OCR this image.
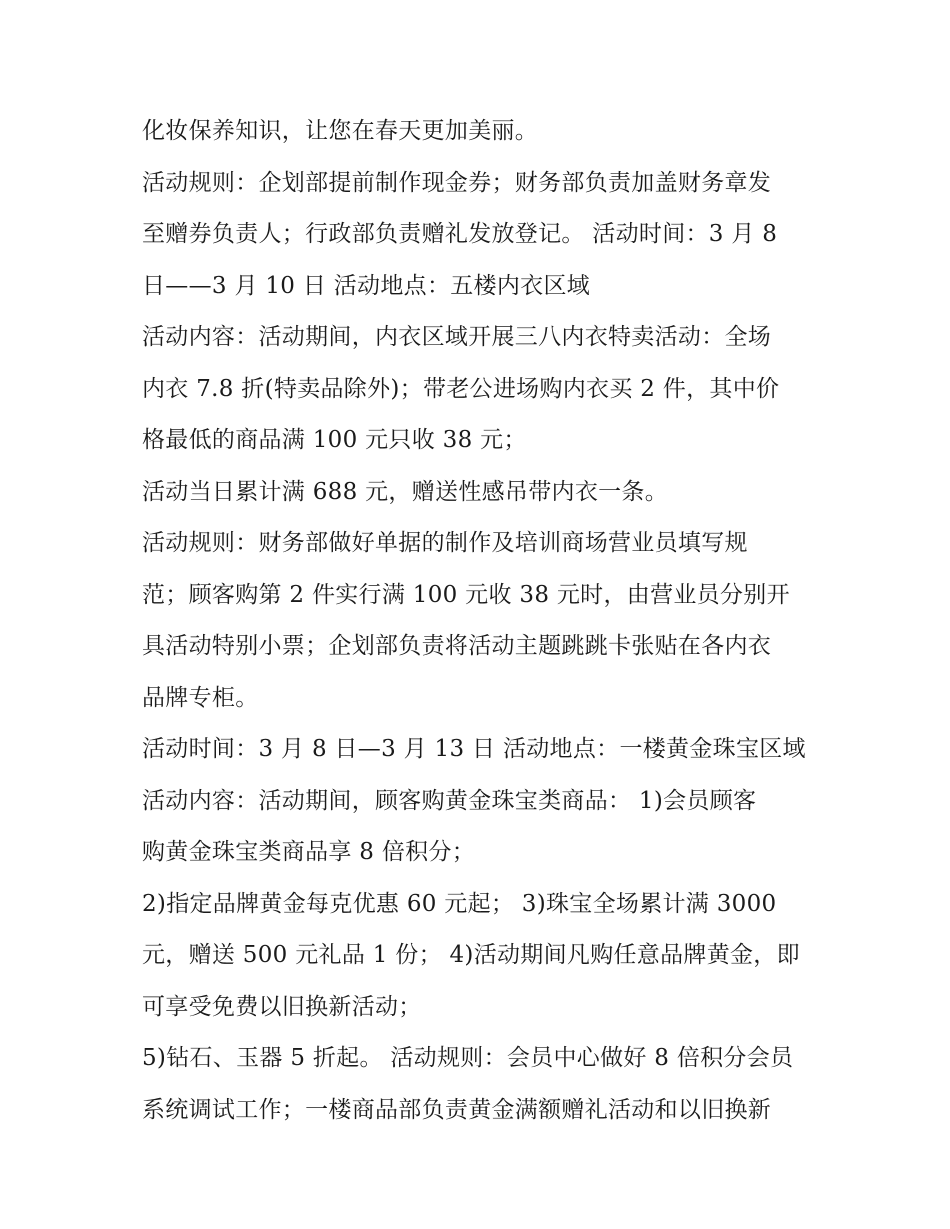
化妆保养知识，让您在春天更加美丽。
活动规则：企划部提前制作现金券；财务部负责加盖财务章发
至赠券负责人；行政部负责赠礼发放登记。 活动时间：3 月 8
日——3 月 10 日 活动地点：五楼内衣区域
活动内容：活动期间，内衣区域开展三八内衣特卖活动：全场
内衣 7.8 折(特卖品除外)；带老公进场购内衣买 2 件，其中价
格最低的商品满 100 元只收 38 元；
活动当日累计满 688 元，赠送性感吊带内衣一条。
活动规则：财务部做好单据的制作及培训商场营业员填写规
范；顾客购第 2 件实行满 100 元收 38 元时，由营业员分别开
具活动特别小票；企划部负责将活动主题跳跳卡张贴在各内衣
品牌专柜。
活动时间：3 月 8 日—3 月 13 日 活动地点：一楼黄金珠宝区域
活动内容：活动期间，顾客购黄金珠宝类商品： 1)会员顾客
购黄金珠宝类商品享 8 倍积分；
2)指定品牌黄金每克优惠 60 元起； 3)珠宝全场累计满 3000
元，赠送 500 元礼品 1 份； 4)活动期间凡购任意品牌黄金，即
可享受免费以旧换新活动；
5)钻石、玉器 5 折起。 活动规则：会员中心做好 8 倍积分会员
系统调试工作；一楼商品部负责黄金满额赠礼活动和以旧换新
